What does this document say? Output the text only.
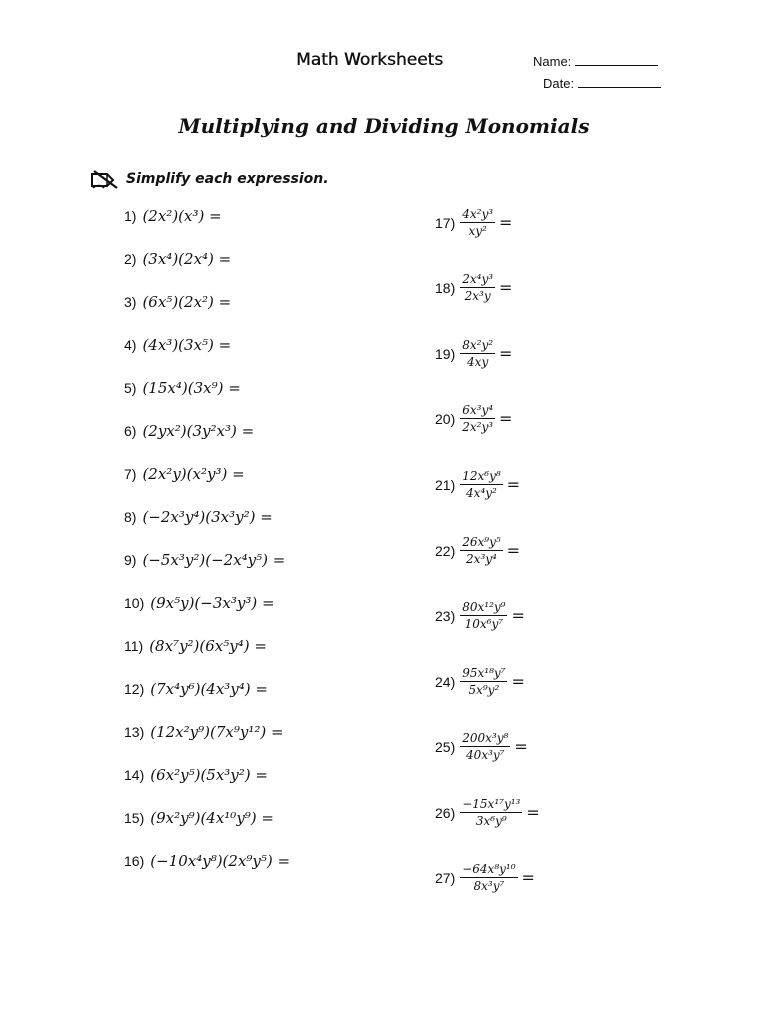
Math Worksheets	Name:
Date:
Multiplying and Dividing Monomials
Simplify each expression.
1) (2x²)(x³) =
2) (3x⁴)(2x⁴) =
3) (6x⁵)(2x²) =
4) (4x³)(3x⁵) =
5) (15x⁴)(3x⁹) =
6) (2yx²)(3y²x³) =
7) (2x²y)(x²y³) =
8) (−2x³y⁴)(3x³y²) =
9) (−5x³y²)(−2x⁴y⁵) =
10) (9x⁵y)(−3x³y³) =
11) (8x⁷y²)(6x⁵y⁴) =
12) (7x⁴y⁶)(4x³y⁴) =
13) (12x²y⁹)(7x⁹y¹²) =
14) (6x²y⁵)(5x³y²) =
15) (9x²y⁹)(4x¹⁰y⁹) =
16) (−10x⁴y⁸)(2x⁹y⁵) =
$17) \frac{\text{4x²y³}}{\text{xy²}}$ =
$18) \frac{\text{2x⁴y³}}{\text{2x³y}}$ =
$19) \frac{\text{8x²y²}}{4xy}$ =
$20) \frac{\text{6x³y⁴}}{\text{2x²y³}}$ =
$21) \frac{\text{12x⁶y⁸}}{\text{4x⁴y²}}$ =
$22) \frac{\text{26x⁹y⁵}}{\text{2x³y⁴}}$ =
$23) \frac{\text{80x¹²y⁹}}{\text{10x⁶y⁷}}$ =
$24) \frac{\text{95x¹⁸y⁷}}{\text{5x⁹y²}}$ =
$25) \frac{\text{200x³y⁸}}{\text{40x³y⁷}}$ =
$26) \frac{\text{−15x¹⁷y¹³}}{\text{3x⁶y⁹}}$ =
$27) \frac{\text{−64x⁸y¹⁰}}{\text{8x³y⁷}}$ =
